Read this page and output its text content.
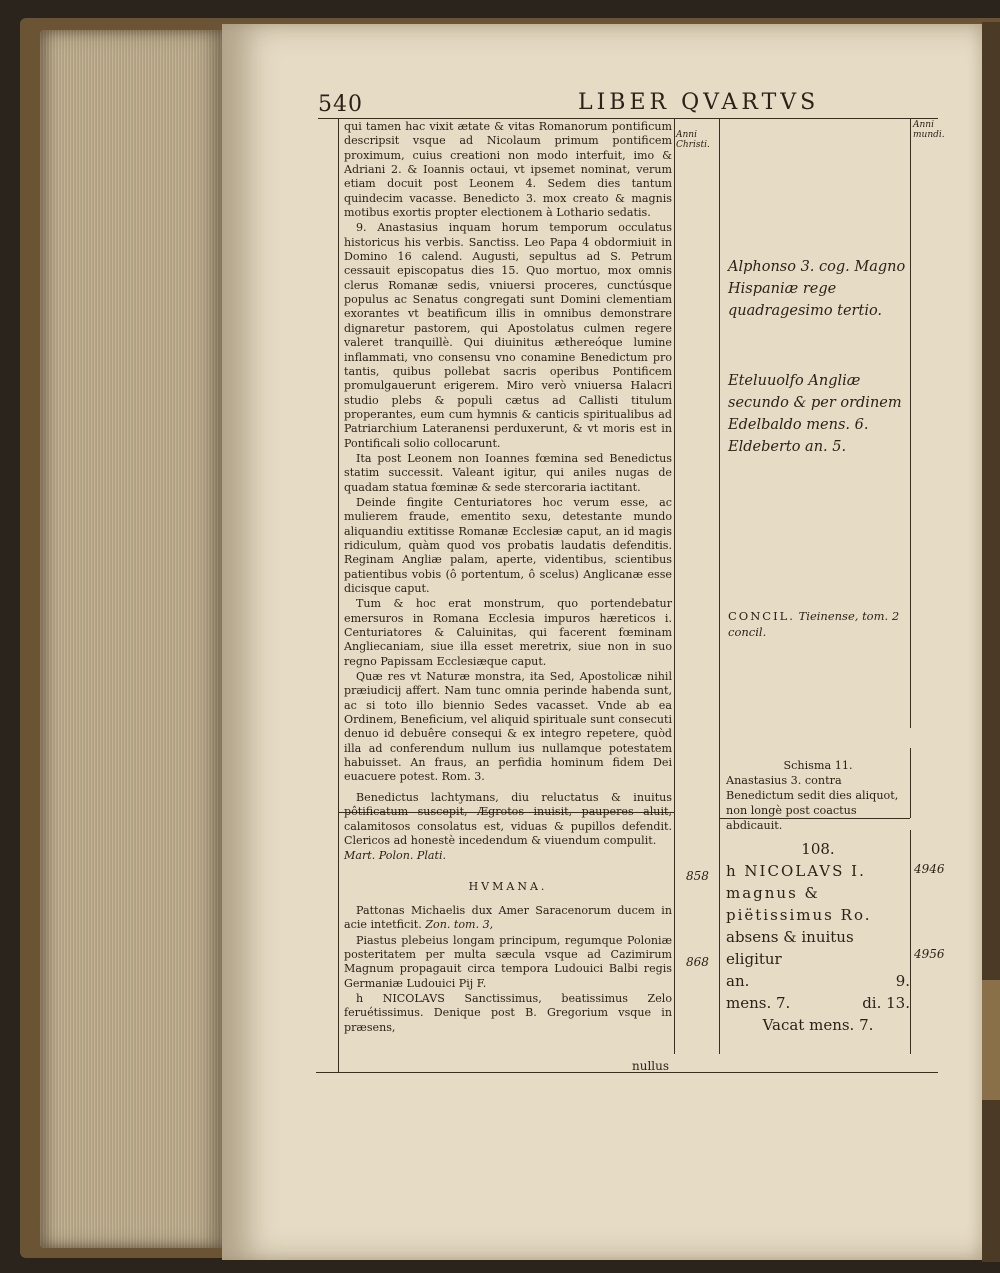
540	LIBER QVARTVS
Anni Christi.
Anni mundi.

qui tamen hac vixit ætate & vitas Romanorum pontificum descripsit vsque ad Nicolaum primum pontificem proximum, cuius creationi non modo interfuit, imo & Adriani 2. & Ioannis octaui, vt ipsemet nominat, verum etiam docuit post Leonem 4. Sedem dies tantum quindecim vacasse. Benedicto 3. mox creato & magnis motibus exortis propter electionem à Lothario sedatis.

9. Anastasius inquam horum temporum occulatus historicus his verbis. Sanctiss. Leo Papa 4 obdormiuit in Domino 16 calend. Augusti, sepultus ad S. Petrum cessauit episcopatus dies 15. Quo mortuo, mox omnis clerus Romanæ sedis, vniuersi proceres, cunctúsque populus ac Senatus congregati sunt Domini clementiam exorantes vt beatificum illis in omnibus demonstrare dignaretur pastorem, qui Apostolatus culmen regere valeret tranquillè. Qui diuinitus æthereóque lumine inflammati, vno consensu vno conamine Benedictum pro tantis, quibus pollebat sacris operibus Pontificem promulgauerunt erigerem. Miro verò vniuersa Halacri studio plebs & populi cætus ad Callisti titulum properantes, eum cum hymnis & canticis spiritualibus ad Patriarchium Lateranensi perduxerunt, & vt moris est in Pontificali solio collocarunt.

Ita post Leonem non Ioannes fœmina sed Benedictus statim successit. Valeant igitur, qui aniles nugas de quadam statua fœminæ & sede stercoraria iactitant.

Deinde fingite Centuriatores hoc verum esse, ac mulierem fraude, ementito sexu, detestante mundo aliquandiu extitisse Romanæ Ecclesiæ caput, an id magis ridiculum, quàm quod vos probatis laudatis defenditis. Reginam Angliæ palam, aperte, videntibus, scientibus patientibus vobis (ô portentum, ô scelus) Anglicanæ esse dicisque caput.

Tum & hoc erat monstrum, quo portendebatur emersuros in Romana Ecclesia impuros hæreticos i. Centuriatores & Caluinitas, qui facerent fœminam Angliecaniam, siue illa esset meretrix, siue non in suo regno Papissam Ecclesiæque caput.

Quæ res vt Naturæ monstra, ita Sed, Apostolicæ nihil præiudicij affert. Nam tunc omnia perinde habenda sunt, ac si toto illo biennio Sedes vacasset. Vnde ab ea Ordinem, Beneficium, vel aliquid spirituale sunt consecuti denuo id debuêre consequi & ex integro repetere, quòd illa ad conferendum nullum ius nullamque potestatem habuisset. An fraus, an perfidia hominum fidem Dei euacuere potest. Rom. 3.

Benedictus lachtymans, diu reluctatus & inuitus pôtificatum suscepit, Ægrotos inuisit, pauperes aluit, calamitosos consolatus est, viduas & pupillos defendit. Clericos ad honestè incedendum & viuendum compulit.

Mart. Polon. Plati.

HVMANA.

Pattonas Michaelis dux Amer Saracenorum ducem in acie intetficit. Zon. tom. 3,

Piastus plebeius longam principum, regumque Poloniæ posteritatem per multa sæcula vsque ad Cazimirum Magnum propagauit circa tempora Ludouici Balbi regis Germaniæ Ludouici Pij F.

h NICOLAVS Sanctissimus, beatissimus Zelo feruétissimus. Denique post B. Gregorium vsque in præsens,

nullus
Alphonso 3. cog. Magno Hispaniæ rege quadragesimo tertio.
Eteluuolfo Angliæ secundo & per ordinem Edelbaldo mens. 6. Eldeberto an. 5.
CONCIL. Tieinense, tom. 2 concil.
Schisma 11.
Anastasius 3. contra Benedictum sedit dies aliquot, non longè post coactus abdicauit.
108.
h NICOLAVS I. magnus & piëtissimus Ro.
absens & inuitus eligitur
an.	9.
mens. 7.	di. 13.
Vacat mens. 7.
858	4946
868
4956
